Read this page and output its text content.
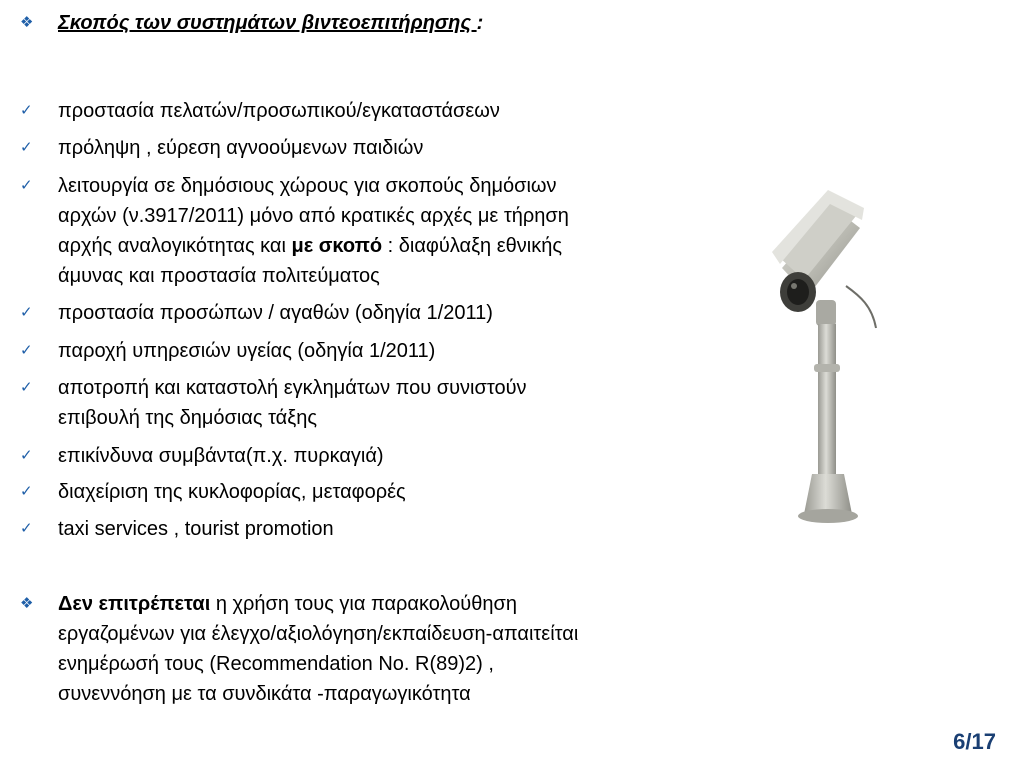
❖	Σκοπός των συστημάτων βιντεοεπιτήρησης :
✓	προστασία πελατών/προσωπικού/εγκαταστάσεων
✓	πρόληψη , εύρεση αγνοούμενων παιδιών
✓	λειτουργία σε δημόσιους χώρους για σκοπούς δημόσιων
αρχών (ν.3917/2011) μόνο από κρατικές αρχές με τήρηση
αρχής αναλογικότητας και με σκοπό : διαφύλαξη εθνικής
άμυνας και προστασία πολιτεύματος
✓	προστασία προσώπων / αγαθών (οδηγία 1/2011)
✓	παροχή υπηρεσιών υγείας (οδηγία 1/2011)
✓	αποτροπή και καταστολή εγκλημάτων που συνιστούν
επιβουλή της δημόσιας τάξης
✓	επικίνδυνα συμβάντα(π.χ. πυρκαγιά)
✓	διαχείριση της κυκλοφορίας, μεταφορές
✓	taxi services , tourist promotion
❖	Δεν επιτρέπεται η χρήση τους για παρακολούθηση
εργαζομένων για έλεγχο/αξιολόγηση/εκπαίδευση-απαιτείται
ενημέρωσή τους (Recommendation No. R(89)2) ,
συνεννόηση με τα συνδικάτα -παραγωγικότητα
6/17
